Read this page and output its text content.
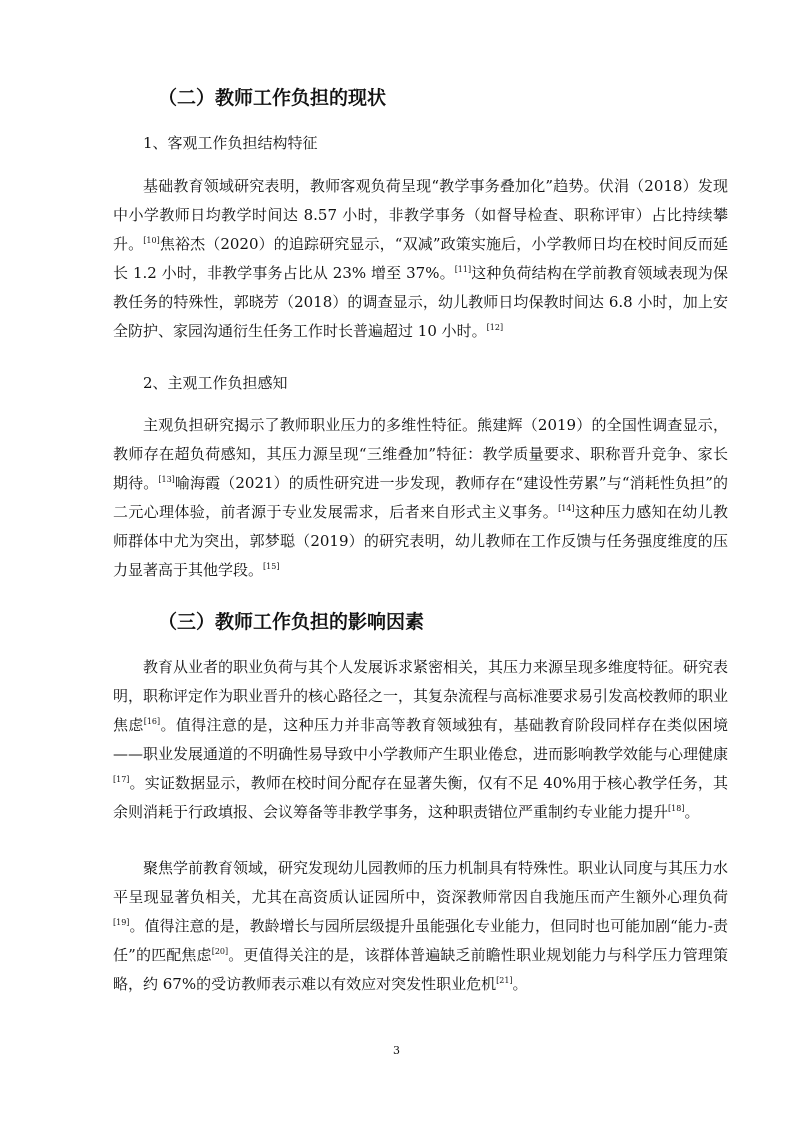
（二）教师工作负担的现状

1、客观工作负担结构特征

基础教育领域研究表明，教师客观负荷呈现“教学事务叠加化”趋势。伏涓（2018）发现中小学教师日均教学时间达 8.57 小时，非教学事务（如督导检查、职称评审）占比持续攀升。[10]焦裕杰（2020）的追踪研究显示，“双减”政策实施后，小学教师日均在校时间反而延长 1.2 小时，非教学事务占比从 23% 增至 37%。[11]这种负荷结构在学前教育领域表现为保教任务的特殊性，郭晓芳（2018）的调查显示，幼儿教师日均保教时间达 6.8 小时，加上安全防护、家园沟通衍生任务工作时长普遍超过 10 小时。[12]

2、主观工作负担感知

主观负担研究揭示了教师职业压力的多维性特征。熊建辉（2019）的全国性调查显示，教师存在超负荷感知，其压力源呈现“三维叠加”特征：教学质量要求、职称晋升竞争、家长期待。[13]喻海霞（2021）的质性研究进一步发现，教师存在“建设性劳累”与“消耗性负担”的二元心理体验，前者源于专业发展需求，后者来自形式主义事务。[14]这种压力感知在幼儿教师群体中尤为突出，郭梦聪（2019）的研究表明，幼儿教师在工作反馈与任务强度维度的压力显著高于其他学段。[15]

（三）教师工作负担的影响因素

教育从业者的职业负荷与其个人发展诉求紧密相关，其压力来源呈现多维度特征。研究表明，职称评定作为职业晋升的核心路径之一，其复杂流程与高标准要求易引发高校教师的职业焦虑[16]。值得注意的是，这种压力并非高等教育领域独有，基础教育阶段同样存在类似困境——职业发展通道的不明确性易导致中小学教师产生职业倦怠，进而影响教学效能与心理健康[17]。实证数据显示，教师在校时间分配存在显著失衡，仅有不足 40%用于核心教学任务，其余则消耗于行政填报、会议筹备等非教学事务，这种职责错位严重制约专业能力提升[18]。

聚焦学前教育领域，研究发现幼儿园教师的压力机制具有特殊性。职业认同度与其压力水平呈现显著负相关，尤其在高资质认证园所中，资深教师常因自我施压而产生额外心理负荷[19]。值得注意的是，教龄增长与园所层级提升虽能强化专业能力，但同时也可能加剧“能力-责任”的匹配焦虑[20]。更值得关注的是，该群体普遍缺乏前瞻性职业规划能力与科学压力管理策略，约 67%的受访教师表示难以有效应对突发性职业危机[21]。

3
